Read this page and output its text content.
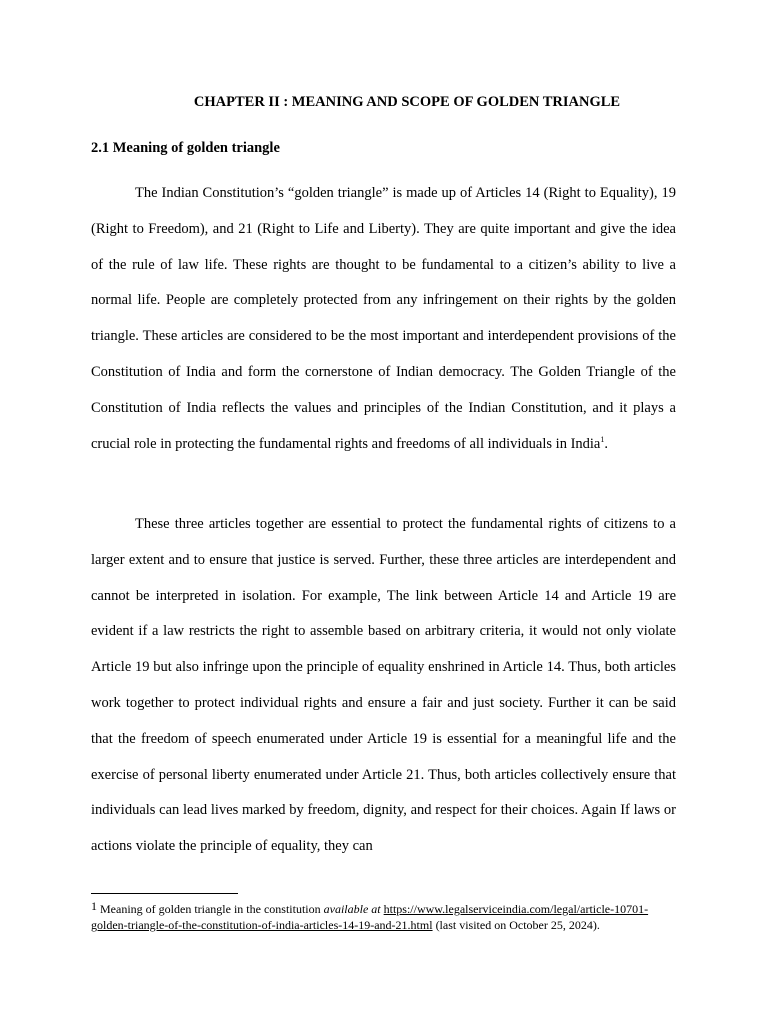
CHAPTER II : MEANING AND SCOPE OF GOLDEN TRIANGLE
2.1 Meaning of golden triangle

The Indian Constitution’s “golden triangle” is made up of Articles 14 (Right to Equality), 19 (Right to Freedom), and 21 (Right to Life and Liberty). They are quite important and give the idea of the rule of law life. These rights are thought to be fundamental to a citizen’s ability to live a normal life. People are completely protected from any infringement on their rights by the golden triangle. These articles are considered to be the most important and interdependent provisions of the Constitution of India and form the cornerstone of Indian democracy. The Golden Triangle of the Constitution of India reflects the values and principles of the Indian Constitution, and it plays a crucial role in protecting the fundamental rights and freedoms of all individuals in India$^1$.

These three articles together are essential to protect the fundamental rights of citizens to a larger extent and to ensure that justice is served. Further, these three articles are interdependent and cannot be interpreted in isolation. For example, The link between Article 14 and Article 19 are evident if a law restricts the right to assemble based on arbitrary criteria, it would not only violate Article 19 but also infringe upon the principle of equality enshrined in Article 14. Thus, both articles work together to protect individual rights and ensure a fair and just society. Further it can be said that the freedom of speech enumerated under Article 19 is essential for a meaningful life and the exercise of personal liberty enumerated under Article 21. Thus, both articles collectively ensure that individuals can lead lives marked by freedom, dignity, and respect for their choices. Again If laws or actions violate the principle of equality, they can

1 Meaning of golden triangle in the constitution available at https://www.legalserviceindia.com/legal/article-10701-golden-triangle-of-the-constitution-of-india-articles-14-19-and-21.html (last visited on October 25, 2024).
